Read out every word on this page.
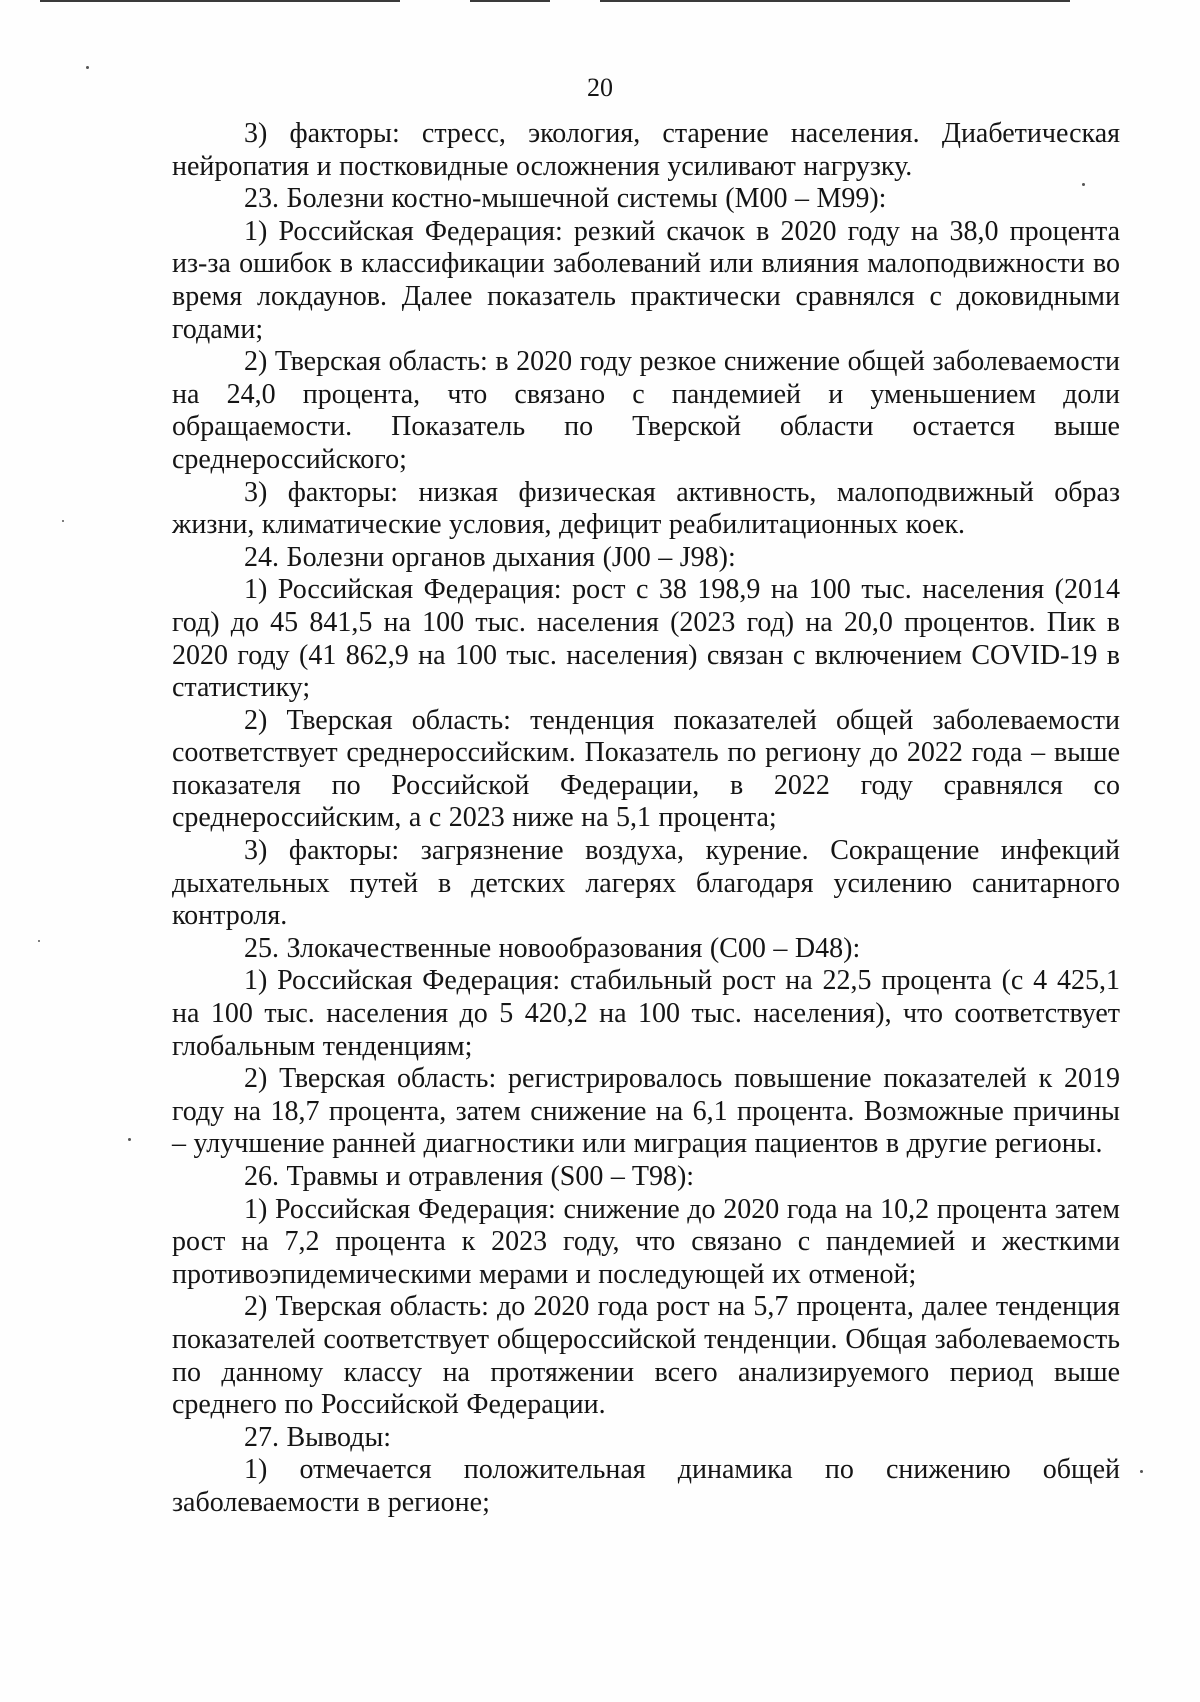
20

3) факторы: стресс, экология, старение населения. Диабетическая нейропатия и постковидные осложнения усиливают нагрузку.

23. Болезни костно-мышечной системы (M00 – M99):

1) Российская Федерация: резкий скачок в 2020 году на 38,0 процента из-за ошибок в классификации заболеваний или влияния малоподвижности во время локдаунов. Далее показатель практически сравнялся с доковидными годами;

2) Тверская область: в 2020 году резкое снижение общей заболеваемости на 24,0 процента, что связано с пандемией и уменьшением доли обращаемости. Показатель по Тверской области остается выше среднероссийского;

3) факторы: низкая физическая активность, малоподвижный образ жизни, климатические условия, дефицит реабилитационных коек.

24. Болезни органов дыхания (J00 – J98):

1) Российская Федерация: рост с 38 198,9 на 100 тыс. населения (2014 год) до 45 841,5 на 100 тыс. населения (2023 год) на 20,0 процентов. Пик в 2020 году (41 862,9 на 100 тыс. населения) связан с включением COVID-19 в статистику;

2) Тверская область: тенденция показателей общей заболеваемости соответствует среднероссийским. Показатель по региону до 2022 года – выше показателя по Российской Федерации, в 2022 году сравнялся со среднероссийским, а с 2023 ниже на 5,1 процента;

3) факторы: загрязнение воздуха, курение. Сокращение инфекций дыхательных путей в детских лагерях благодаря усилению санитарного контроля.

25. Злокачественные новообразования (C00 – D48):

1) Российская Федерация: стабильный рост на 22,5 процента (с 4 425,1 на 100 тыс. населения до 5 420,2 на 100 тыс. населения), что соответствует глобальным тенденциям;

2) Тверская область: регистрировалось повышение показателей к 2019 году на 18,7 процента, затем снижение на 6,1 процента. Возможные причины – улучшение ранней диагностики или миграция пациентов в другие регионы.

26. Травмы и отравления (S00 – T98):

1) Российская Федерация: снижение до 2020 года на 10,2 процента затем рост на 7,2 процента к 2023 году, что связано с пандемией и жесткими противоэпидемическими мерами и последующей их отменой;

2) Тверская область: до 2020 года рост на 5,7 процента, далее тенденция показателей соответствует общероссийской тенденции. Общая заболеваемость по данному классу на протяжении всего анализируемого период выше среднего по Российской Федерации.

27. Выводы:

1) отмечается положительная динамика по снижению общей заболеваемости в регионе;
